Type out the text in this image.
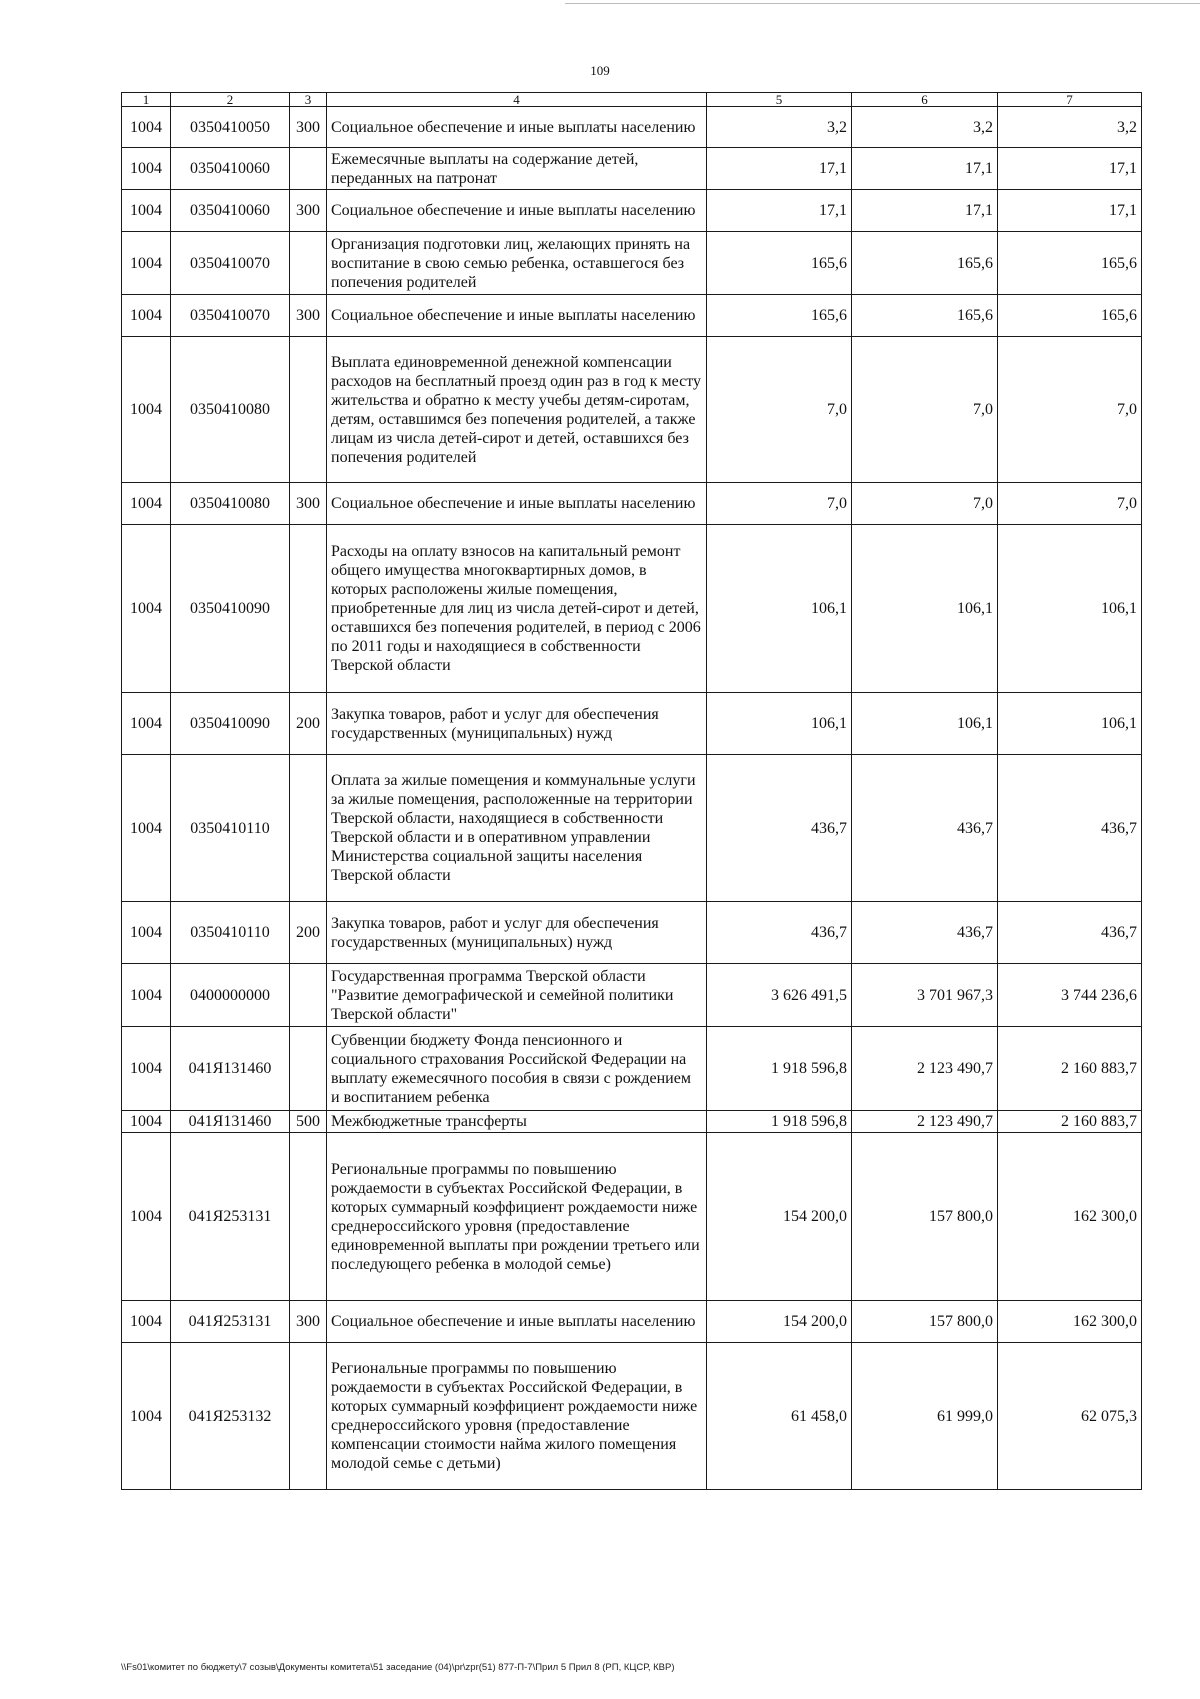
109
1	2	3	4	5	6	7
1004	0350410050	300	Социальное обеспечение и иные выплаты населению	3,2	3,2	3,2
1004	0350410060		Ежемесячные выплаты на содержание детей, переданных на патронат	17,1	17,1	17,1
1004	0350410060	300	Социальное обеспечение и иные выплаты населению	17,1	17,1	17,1
1004	0350410070		Организация подготовки лиц, желающих принять на воспитание в свою семью ребенка, оставшегося без попечения родителей	165,6	165,6	165,6
1004	0350410070	300	Социальное обеспечение и иные выплаты населению	165,6	165,6	165,6
1004	0350410080		Выплата единовременной денежной компенсации расходов на бесплатный проезд один раз в год к месту жительства и обратно к месту учебы детям-сиротам, детям, оставшимся без попечения родителей, а также лицам из числа детей-сирот и детей, оставшихся без попечения родителей	7,0	7,0	7,0
1004	0350410080	300	Социальное обеспечение и иные выплаты населению	7,0	7,0	7,0
1004	0350410090		Расходы на оплату взносов на капитальный ремонт общего имущества многоквартирных домов, в которых расположены жилые помещения, приобретенные для лиц из числа детей-сирот и детей, оставшихся без попечения родителей, в период с 2006 по 2011 годы и находящиеся в собственности Тверской области	106,1	106,1	106,1
1004	0350410090	200	Закупка товаров, работ и услуг для обеспечения государственных (муниципальных) нужд	106,1	106,1	106,1
1004	0350410110		Оплата за жилые помещения и коммунальные услуги за жилые помещения, расположенные на территории Тверской области, находящиеся в собственности Тверской области и в оперативном управлении Министерства социальной защиты населения Тверской области	436,7	436,7	436,7
1004	0350410110	200	Закупка товаров, работ и услуг для обеспечения государственных (муниципальных) нужд	436,7	436,7	436,7
1004	0400000000		Государственная программа Тверской области "Развитие демографической и семейной политики Тверской области"	3 626 491,5	3 701 967,3	3 744 236,6
1004	041Я131460		Субвенции бюджету Фонда пенсионного и социального страхования Российской Федерации на выплату ежемесячного пособия в связи с рождением и воспитанием ребенка	1 918 596,8	2 123 490,7	2 160 883,7
1004	041Я131460	500	Межбюджетные трансферты	1 918 596,8	2 123 490,7	2 160 883,7
1004	041Я253131		Региональные программы по повышению рождаемости в субъектах Российской Федерации, в которых суммарный коэффициент рождаемости ниже среднероссийского уровня (предоставление единовременной выплаты при рождении третьего или последующего ребенка в молодой семье)	154 200,0	157 800,0	162 300,0
1004	041Я253131	300	Социальное обеспечение и иные выплаты населению	154 200,0	157 800,0	162 300,0
1004	041Я253132		Региональные программы по повышению рождаемости в субъектах Российской Федерации, в которых суммарный коэффициент рождаемости ниже среднероссийского уровня (предоставление компенсации стоимости найма жилого помещения молодой семье с детьми)	61 458,0	61 999,0	62 075,3
\\Fs01\комитет по бюджету\7 созыв\Документы комитета\51 заседание (04)\pr\zpr(51) 877-П-7\Прил 5 Прил 8 (РП, КЦСР, КВР)
